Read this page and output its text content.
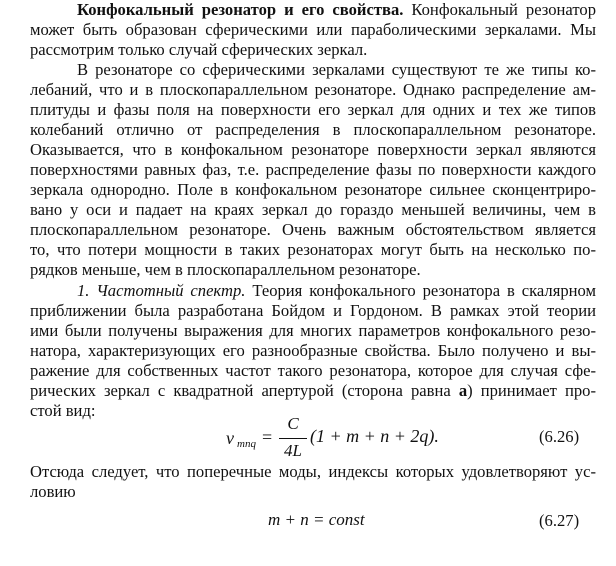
Конфокальный резонатор и его свойства. Конфокальный резонатор
может быть образован сферическими или параболическими зеркалами. Мы
рассмотрим только случай сферических зеркал.
В резонаторе со сферическими зеркалами существуют те же типы ко-
лебаний, что и в плоскопараллельном резонаторе. Однако распределение ам-
плитуды и фазы поля на поверхности его зеркал для одних и тех же типов
колебаний отлично от распределения в плоскопараллельном резонаторе.
Оказывается, что в конфокальном резонаторе поверхности зеркал являются
поверхностями равных фаз, т.е. распределение фазы по поверхности каждого
зеркала однородно. Поле в конфокальном резонаторе сильнее сконцентриро-
вано у оси и падает на краях зеркал до гораздо меньшей величины, чем в
плоскопараллельном резонаторе. Очень важным обстоятельством является
то, что потери мощности в таких резонаторах могут быть на несколько по-
рядков меньше, чем в плоскопараллельном резонаторе.
1. Частотный спектр. Теория конфокального резонатора в скалярном
приближении была разработана Бойдом и Гордоном. В рамках этой теории
ими были получены выражения для многих параметров конфокального резо-
натора, характеризующих его разнообразные свойства. Было получено и вы-
ражение для собственных частот такого резонатора, которое для случая сфе-
рических зеркал с квадратной апертурой (сторона равна a) принимает про-
стой вид:
ν mnq =
C
4L
(1 + m + n + 2q).	(6.26)
Отсюда следует, что поперечные моды, индексы которых удовлетворяют ус-
ловию
m + n = const	(6.27)
